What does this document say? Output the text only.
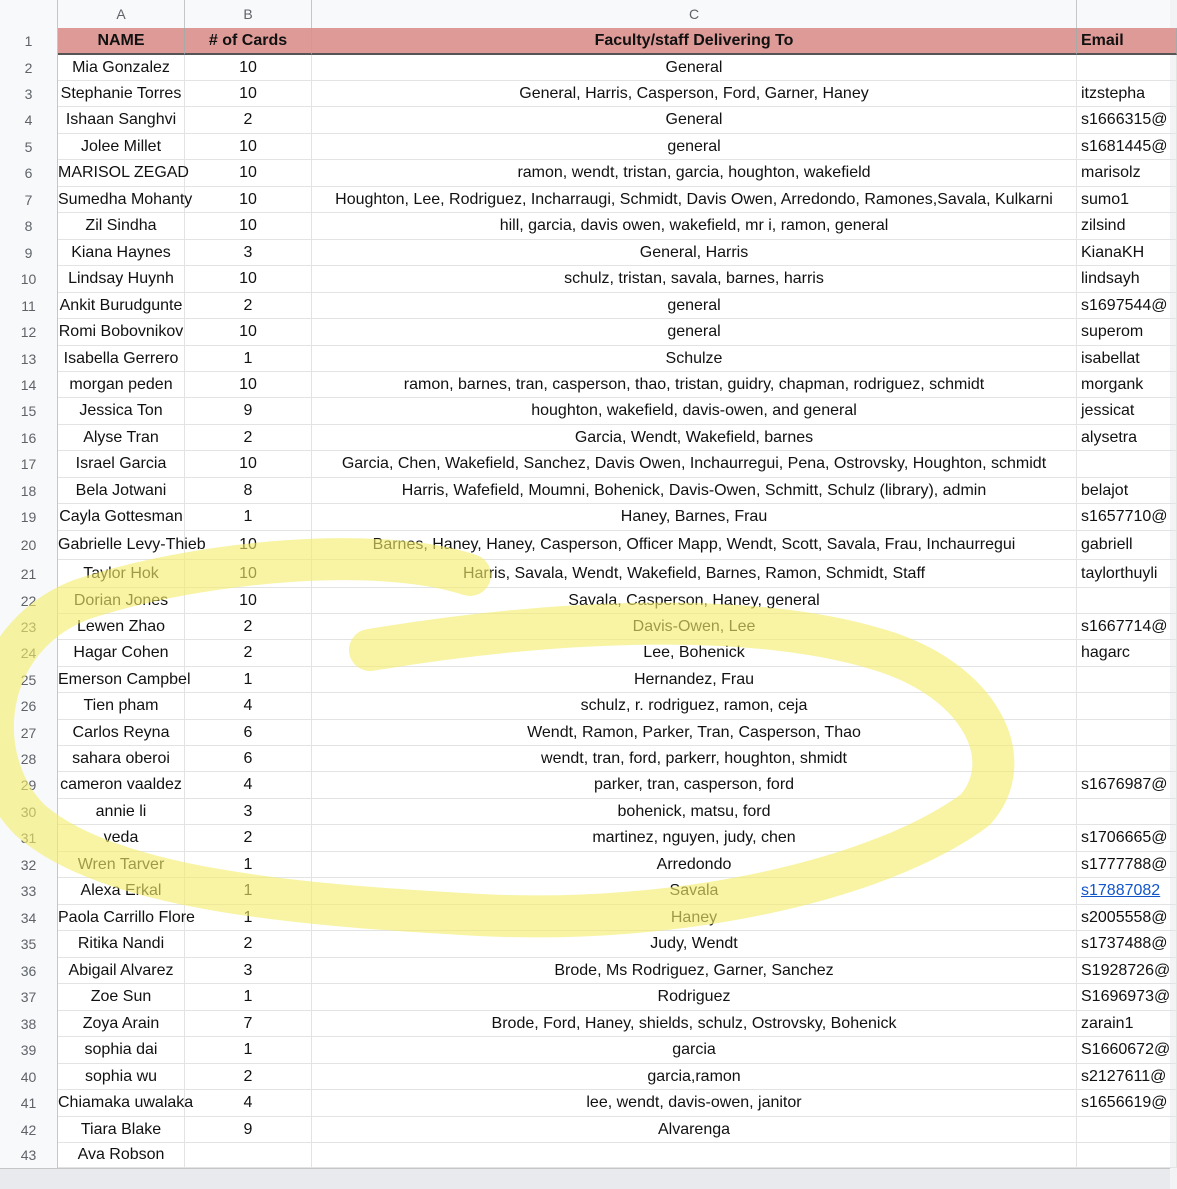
A	B	C
1	NAME	# of Cards	Faculty/staff Delivering To	Email
2	Mia Gonzalez	10	General
3	Stephanie Torres	10	General, Harris, Casperson, Ford, Garner, Haney	itzstepha
4	Ishaan Sanghvi	2	General	s1666315@
5	Jolee Millet	10	general	s1681445@
6	MARISOL ZEGAD	10	ramon, wendt, tristan, garcia, houghton, wakefield	marisolz
7	Sumedha Mohanty	10	Houghton, Lee, Rodriguez, Incharraugi, Schmidt, Davis Owen, Arredondo, Ramones,Savala, Kulkarni	sumo1
8	Zil Sindha	10	hill, garcia, davis owen, wakefield, mr i, ramon, general	zilsind
9	Kiana Haynes	3	General, Harris	KianaKH
10	Lindsay Huynh	10	schulz, tristan, savala, barnes, harris	lindsayh
11	Ankit Burudgunte	2	general	s1697544@
12	Romi Bobovnikov	10	general	superom
13	Isabella Gerrero	1	Schulze	isabellat
14	morgan peden	10	ramon, barnes, tran, casperson, thao, tristan, guidry, chapman, rodriguez, schmidt	morgank
15	Jessica Ton	9	houghton, wakefield, davis-owen, and general	jessicat
16	Alyse Tran	2	Garcia, Wendt, Wakefield, barnes	alysetra
17	Israel Garcia	10	Garcia, Chen, Wakefield, Sanchez, Davis Owen, Inchaurregui, Pena, Ostrovsky, Houghton, schmidt
18	Bela Jotwani	8	Harris, Wafefield, Moumni, Bohenick, Davis-Owen, Schmitt, Schulz (library), admin	belajot
19	Cayla Gottesman	1	Haney, Barnes, Frau	s1657710@
20	Gabrielle Levy-Thieb	10	Barnes, Haney, Haney, Casperson, Officer Mapp, Wendt, Scott, Savala, Frau, Inchaurregui	gabriell
21	Taylor Hok	10	Harris, Savala, Wendt, Wakefield, Barnes, Ramon, Schmidt, Staff	taylorthuyli
22	Dorian Jones	10	Savala, Casperson, Haney, general
23	Lewen Zhao	2	Davis-Owen, Lee	s1667714@
24	Hagar Cohen	2	Lee, Bohenick	hagarc
25	Emerson Campbel	1	Hernandez, Frau
26	Tien pham	4	schulz, r. rodriguez, ramon, ceja
27	Carlos Reyna	6	Wendt, Ramon, Parker, Tran, Casperson, Thao
28	sahara oberoi	6	wendt, tran, ford, parkerr, houghton, shmidt
29	cameron vaaldez	4	parker, tran, casperson, ford	s1676987@
30	annie li	3	bohenick, matsu, ford
31	veda	2	martinez, nguyen, judy, chen	s1706665@
32	Wren Tarver	1	Arredondo	s1777788@
33	Alexa Erkal	1	Savala	s17887082
34	Paola Carrillo Flore	1	Haney	s2005558@
35	Ritika Nandi	2	Judy, Wendt	s1737488@
36	Abigail Alvarez	3	Brode, Ms Rodriguez, Garner, Sanchez	S1928726@
37	Zoe Sun	1	Rodriguez	S1696973@
38	Zoya Arain	7	Brode, Ford, Haney, shields, schulz, Ostrovsky, Bohenick	zarain1
39	sophia dai	1	garcia	S1660672@
40	sophia wu	2	garcia,ramon	s2127611@
41	Chiamaka uwalaka	4	lee, wendt, davis-owen, janitor	s1656619@
42	Tiara Blake	9	Alvarenga
43	Ava Robson
